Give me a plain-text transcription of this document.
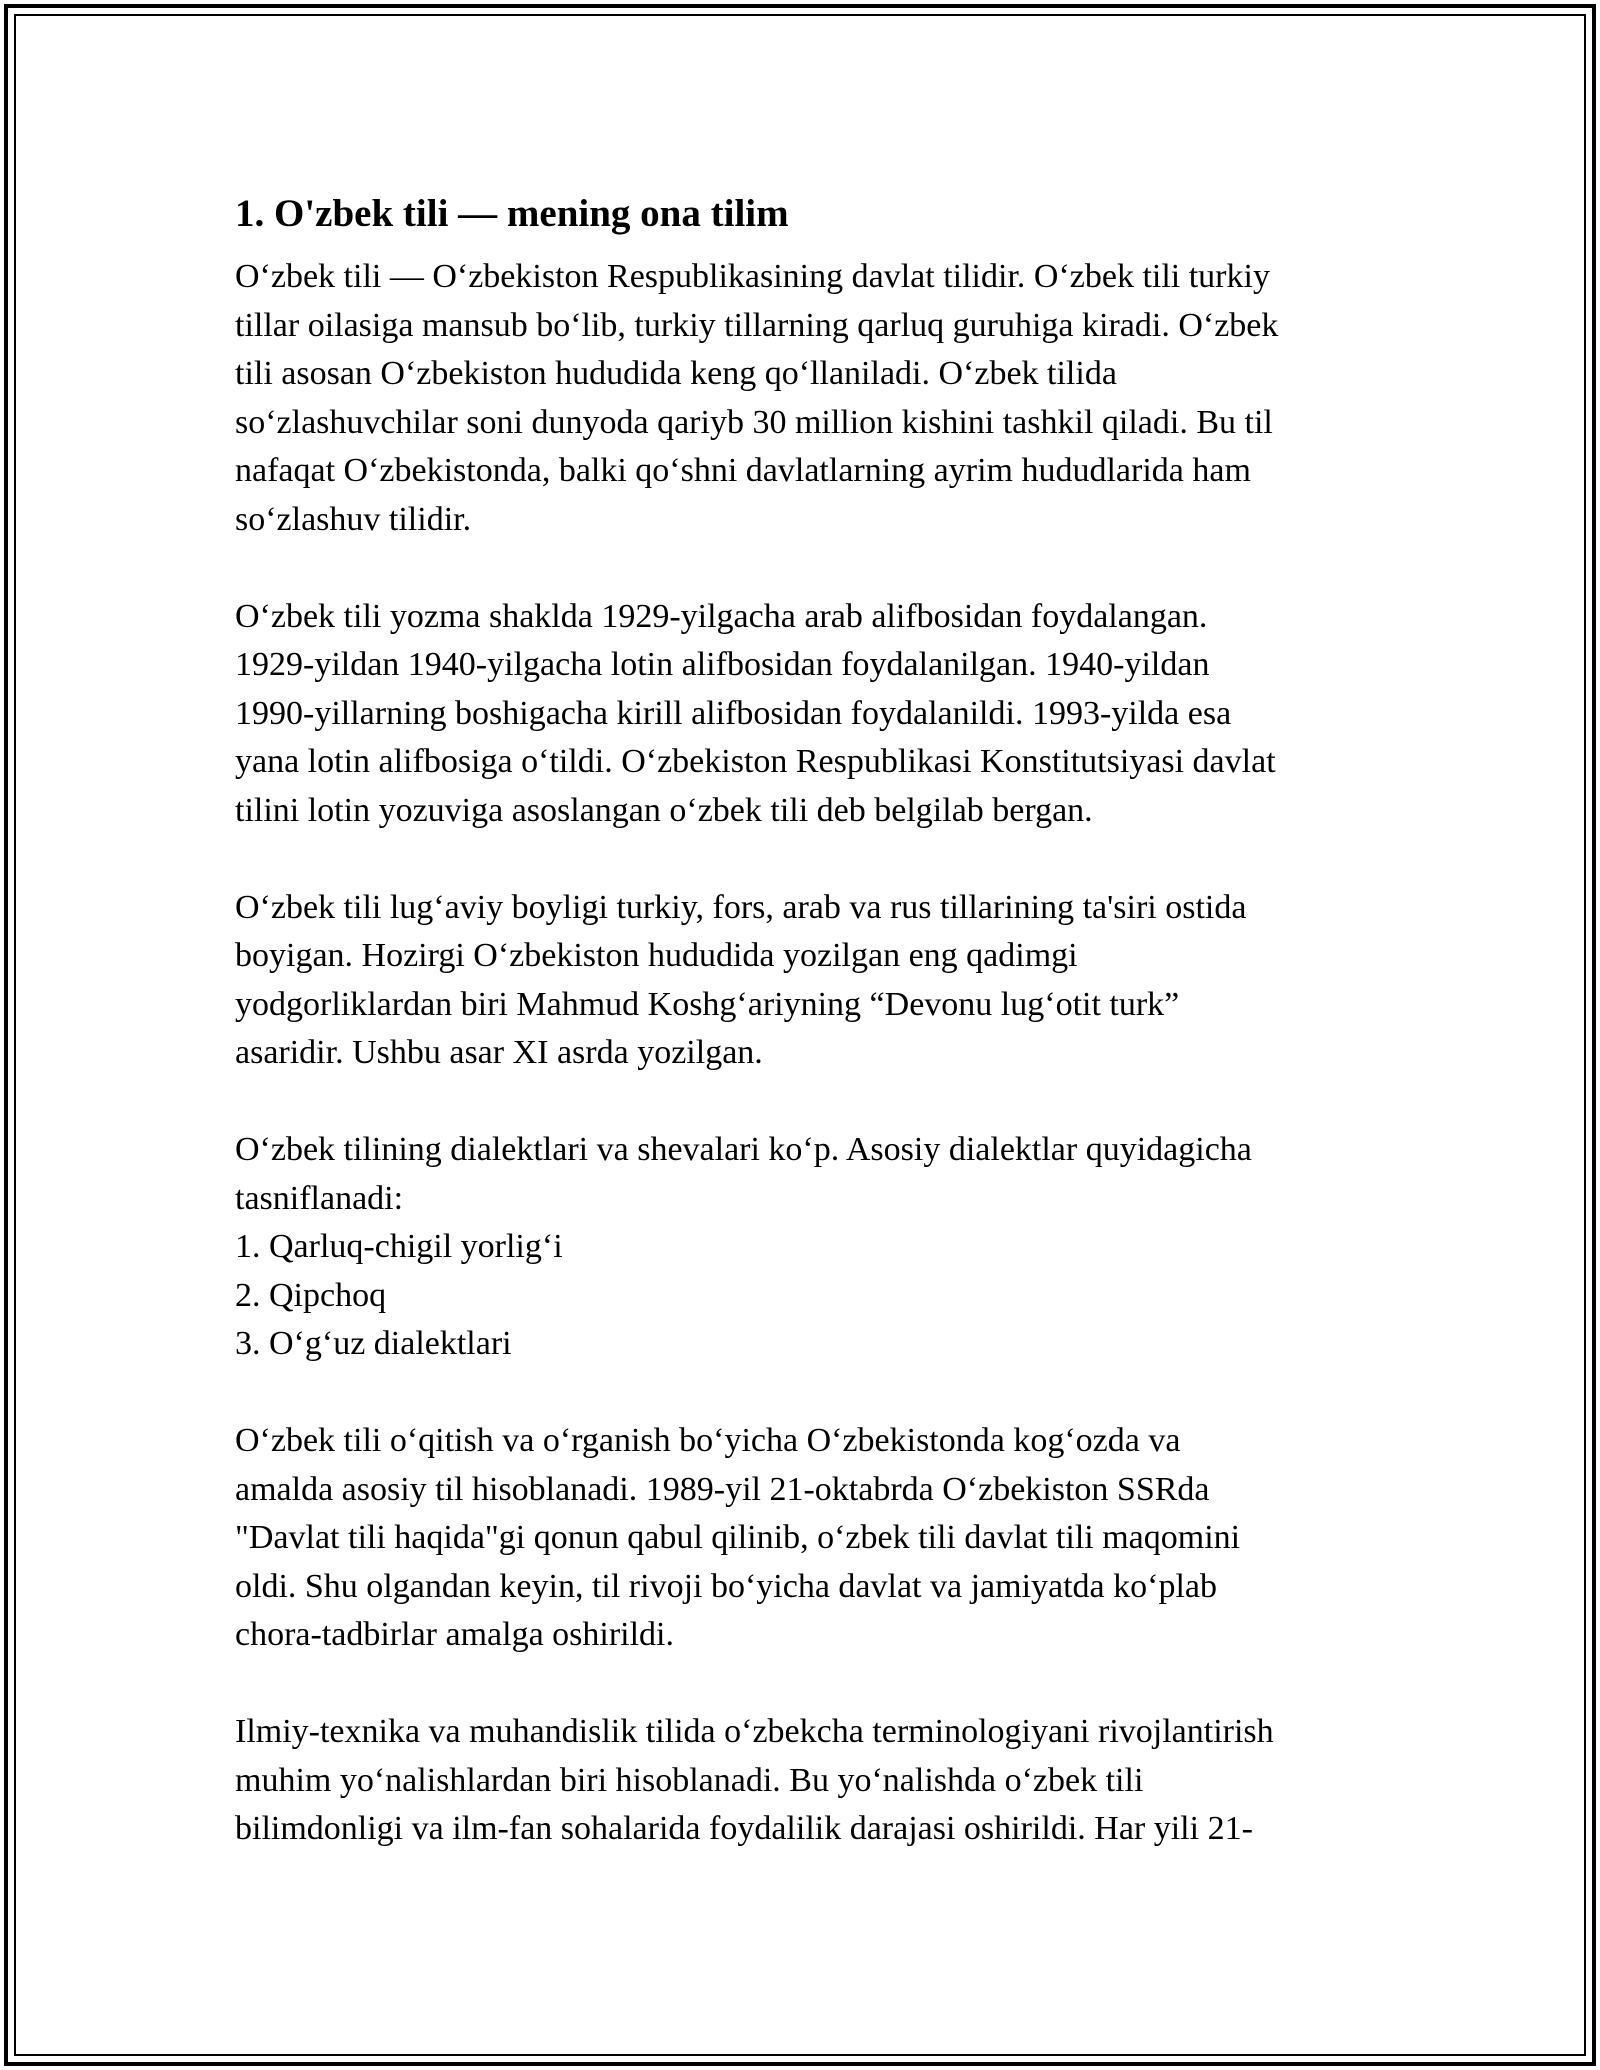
1. O'zbek tili — mening ona tilim

O‘zbek tili — O‘zbekiston Respublikasining davlat tilidir. O‘zbek tili turkiy
tillar oilasiga mansub bo‘lib, turkiy tillarning qarluq guruhiga kiradi. O‘zbek
tili asosan O‘zbekiston hududida keng qo‘llaniladi. O‘zbek tilida
so‘zlashuvchilar soni dunyoda qariyb 30 million kishini tashkil qiladi. Bu til
nafaqat O‘zbekistonda, balki qo‘shni davlatlarning ayrim hududlarida ham
so‘zlashuv tilidir.

O‘zbek tili yozma shaklda 1929-yilgacha arab alifbosidan foydalangan.
1929-yildan 1940-yilgacha lotin alifbosidan foydalanilgan. 1940-yildan
1990-yillarning boshigacha kirill alifbosidan foydalanildi. 1993-yilda esa
yana lotin alifbosiga o‘tildi. O‘zbekiston Respublikasi Konstitutsiyasi davlat
tilini lotin yozuviga asoslangan o‘zbek tili deb belgilab bergan.

O‘zbek tili lug‘aviy boyligi turkiy, fors, arab va rus tillarining ta'siri ostida
boyigan. Hozirgi O‘zbekiston hududida yozilgan eng qadimgi
yodgorliklardan biri Mahmud Koshg‘ariyning “Devonu lug‘otit turk”
asaridir. Ushbu asar XI asrda yozilgan.

O‘zbek tilining dialektlari va shevalari ko‘p. Asosiy dialektlar quyidagicha
tasniflanadi:

1. Qarluq-chigil yorlig‘i
2. Qipchoq
3. O‘g‘uz dialektlari

O‘zbek tili o‘qitish va o‘rganish bo‘yicha O‘zbekistonda kog‘ozda va
amalda asosiy til hisoblanadi. 1989-yil 21-oktabrda O‘zbekiston SSRda
"Davlat tili haqida"gi qonun qabul qilinib, o‘zbek tili davlat tili maqomini
oldi. Shu olgandan keyin, til rivoji bo‘yicha davlat va jamiyatda ko‘plab
chora-tadbirlar amalga oshirildi.

Ilmiy-texnika va muhandislik tilida o‘zbekcha terminologiyani rivojlantirish
muhim yo‘nalishlardan biri hisoblanadi. Bu yo‘nalishda o‘zbek tili
bilimdonligi va ilm-fan sohalarida foydalilik darajasi oshirildi. Har yili 21-
